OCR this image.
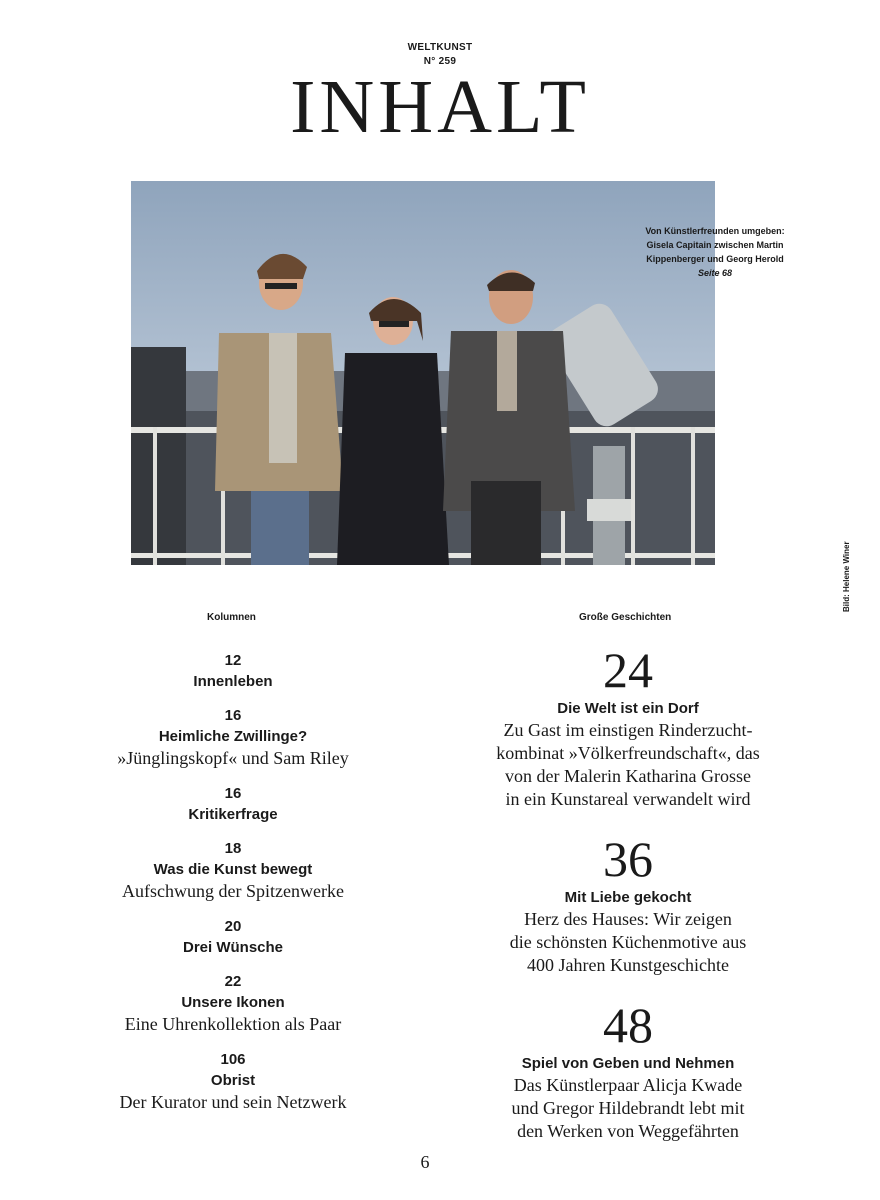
WELTKUNST
N° 259
INHALT
Von Künstlerfreunden umgeben:
Gisela Capitain zwischen Martin
Kippenberger und Georg Herold
Seite 68
Bild: Helene Winer
Kolumnen	Große Geschichten
12
Innenleben
16
Heimliche Zwillinge?
»Jünglingskopf« und Sam Riley
16
Kritikerfrage
18
Was die Kunst bewegt
Aufschwung der Spitzenwerke
20
Drei Wünsche
22
Unsere Ikonen
Eine Uhrenkollektion als Paar
106
Obrist
Der Kurator und sein Netzwerk
24
Die Welt ist ein Dorf
Zu Gast im einstigen Rinderzucht-
kombinat »Völkerfreundschaft«, das
von der Malerin Katharina Grosse
in ein Kunstareal verwandelt wird
36
Mit Liebe gekocht
Herz des Hauses: Wir zeigen
die schönsten Küchenmotive aus
400 Jahren Kunstgeschichte
48
Spiel von Geben und Nehmen
Das Künstlerpaar Alicja Kwade
und Gregor Hildebrandt lebt mit
den Werken von Weggefährten
6
